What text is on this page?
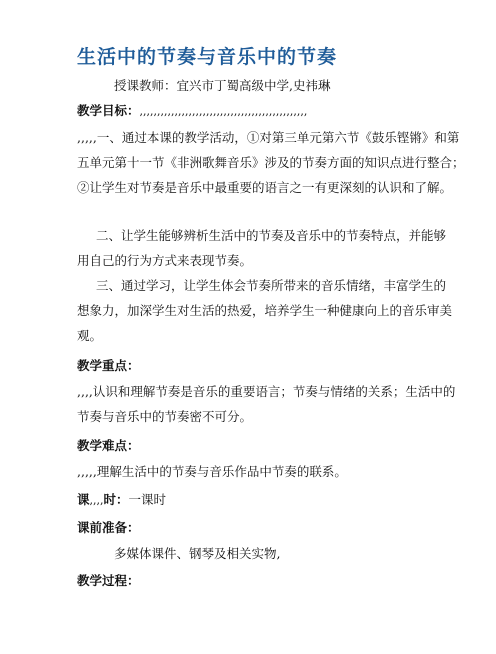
生活中的节奏与音乐中的节奏
授课教师：宜兴市丁蜀高级中学,史祎琳
教学目标：,,,,,,,,,,,,,,,,,,,,,,,,,,,,,,,,,,,,,,,,,,,,,,,,
,,,,,一、通过本课的教学活动，①对第三单元第六节《鼓乐铿锵》和第
五单元第十一节《非洲歌舞音乐》涉及的节奏方面的知识点进行整合；
②让学生对节奏是音乐中最重要的语言之一有更深刻的认识和了解。
二、让学生能够辨析生活中的节奏及音乐中的节奏特点，并能够
用自己的行为方式来表现节奏。
三、通过学习，让学生体会节奏所带来的音乐情绪，丰富学生的
想象力，加深学生对生活的热爱，培养学生一种健康向上的音乐审美
观。
教学重点：
,,,,认识和理解节奏是音乐的重要语言；节奏与情绪的关系；生活中的
节奏与音乐中的节奏密不可分。
教学难点：
,,,,,理解生活中的节奏与音乐作品中节奏的联系。
课,,,,时：一课时
课前准备：
多媒体课件、钢琴及相关实物,
教学过程：
